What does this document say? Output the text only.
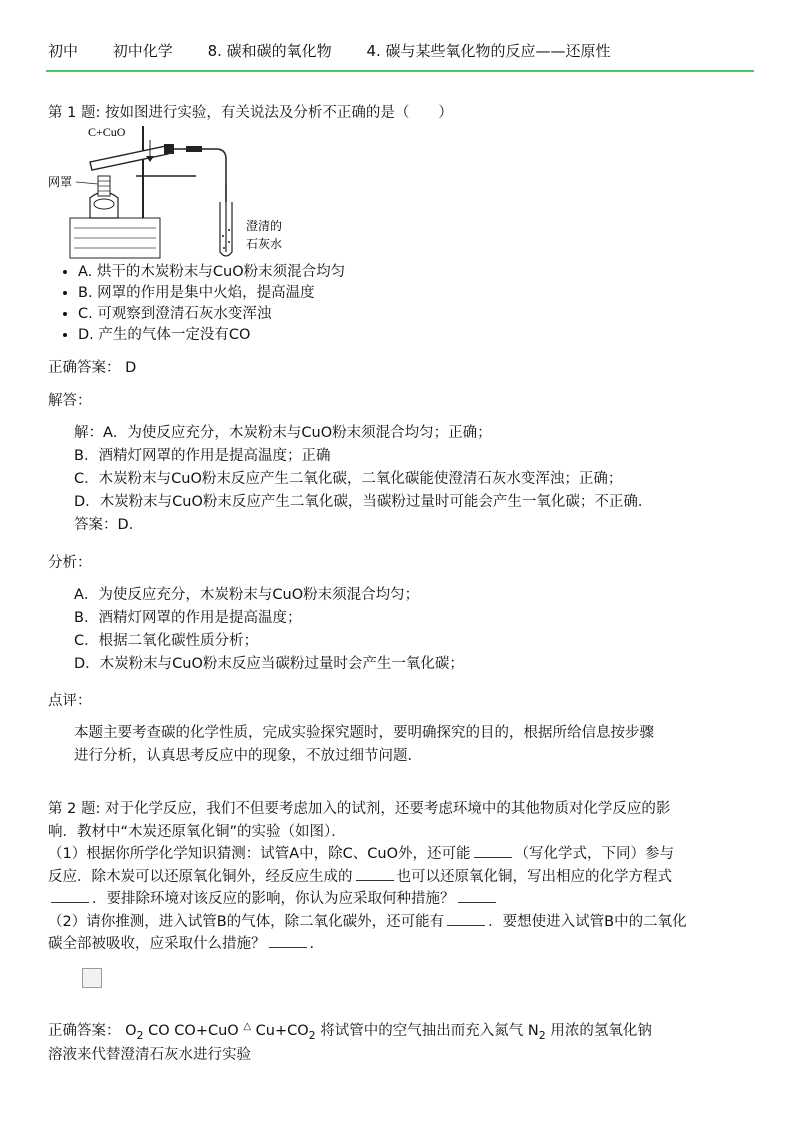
初中 初中化学 8. 碳和碳的氧化物 4. 碳与某些氧化物的反应——还原性
第 1 题: 按如图进行实验，有关说法及分析不正确的是（　　）
C+CuO
网罩
澄清的
石灰水
• A. 烘干的木炭粉末与CuO粉末须混合均匀
• B. 网罩的作用是集中火焰，提高温度
• C. 可观察到澄清石灰水变浑浊
• D. 产生的气体一定没有CO
正确答案： D
解答：
解：A．为使反应充分，木炭粉末与CuO粉末须混合均匀；正确；
B．酒精灯网罩的作用是提高温度；正确
C．木炭粉末与CuO粉末反应产生二氧化碳，二氧化碳能使澄清石灰水变浑浊；正确；
D．木炭粉末与CuO粉末反应产生二氧化碳，当碳粉过量时可能会产生一氧化碳；不正确．
答案：D．
分析：
A．为使反应充分，木炭粉末与CuO粉末须混合均匀；
B．酒精灯网罩的作用是提高温度；
C．根据二氧化碳性质分析；
D．木炭粉末与CuO粉末反应当碳粉过量时会产生一氧化碳；
点评：
本题主要考查碳的化学性质，完成实验探究题时，要明确探究的目的，根据所给信息按步骤
进行分析，认真思考反应中的现象，不放过细节问题．
第 2 题: 对于化学反应，我们不但要考虑加入的试剂，还要考虑环境中的其他物质对化学反应的影
响．教材中“木炭还原氧化铜”的实验（如图）．
（1）根据你所学化学知识猜测：试管A中，除C、CuO外，还可能	（写化学式，下同）参与
反应．除木炭可以还原氧化铜外，经反应生成的	也可以还原氧化铜，写出相应的化学方程式
．要排除环境对该反应的影响，你认为应采取何种措施？
（2）请你推测，进入试管B的气体，除二氧化碳外，还可能有	．要想使进入试管B中的二氧化
碳全部被吸收，应采取什么措施？	．
正确答案： $O_2$ CO CO+CuO △ $Cu+CO_2$ 将试管中的空气抽出而充入氮气 $N_2$ 用浓的氢氧化钠
溶液来代替澄清石灰水进行实验
